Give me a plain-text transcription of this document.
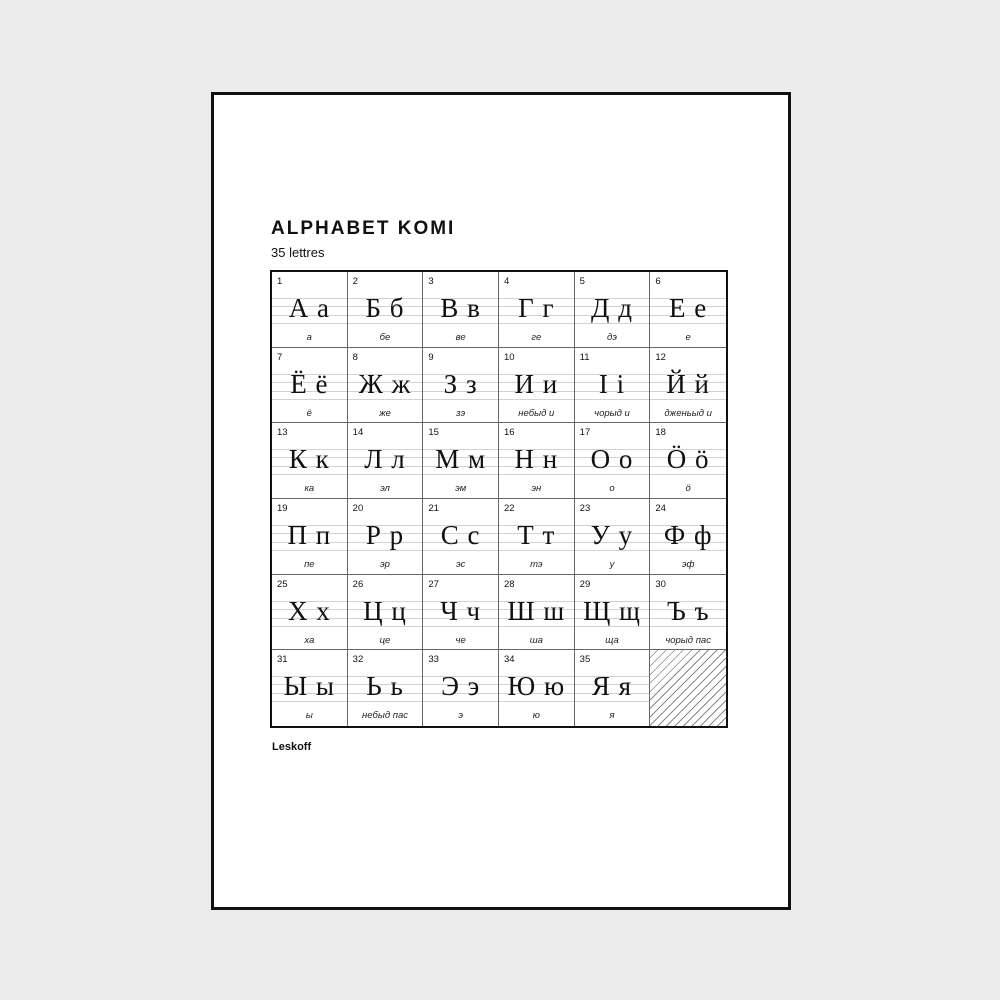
ALPHABET KOMI
35 lettres
1
А а
а
2
Б б
бе
3
В в
ве
4
Г г
ге
5
Д д
дэ
6
Е е
е
7
Ё ё
ё
8
Ж ж
же
9
З з
зэ
10
И и
небыд и
11
І і
чорыд и
12
Й й
дженьыд и
13
К к
ка
14
Л л
эл
15
М м
эм
16
Н н
эн
17
О о
о
18
Ӧ ӧ
ӧ
19
П п
пе
20
Р р
эр
21
С с
эс
22
Т т
тэ
23
У у
у
24
Ф ф
эф
25
Х х
ха
26
Ц ц
це
27
Ч ч
че
28
Ш ш
ша
29
Щ щ
ща
30
Ъ ъ
чорыд пас
31
Ы ы
ы
32
Ь ь
небыд пас
33
Э э
э
34
Ю ю
ю
35
Я я
я
Leskoff
